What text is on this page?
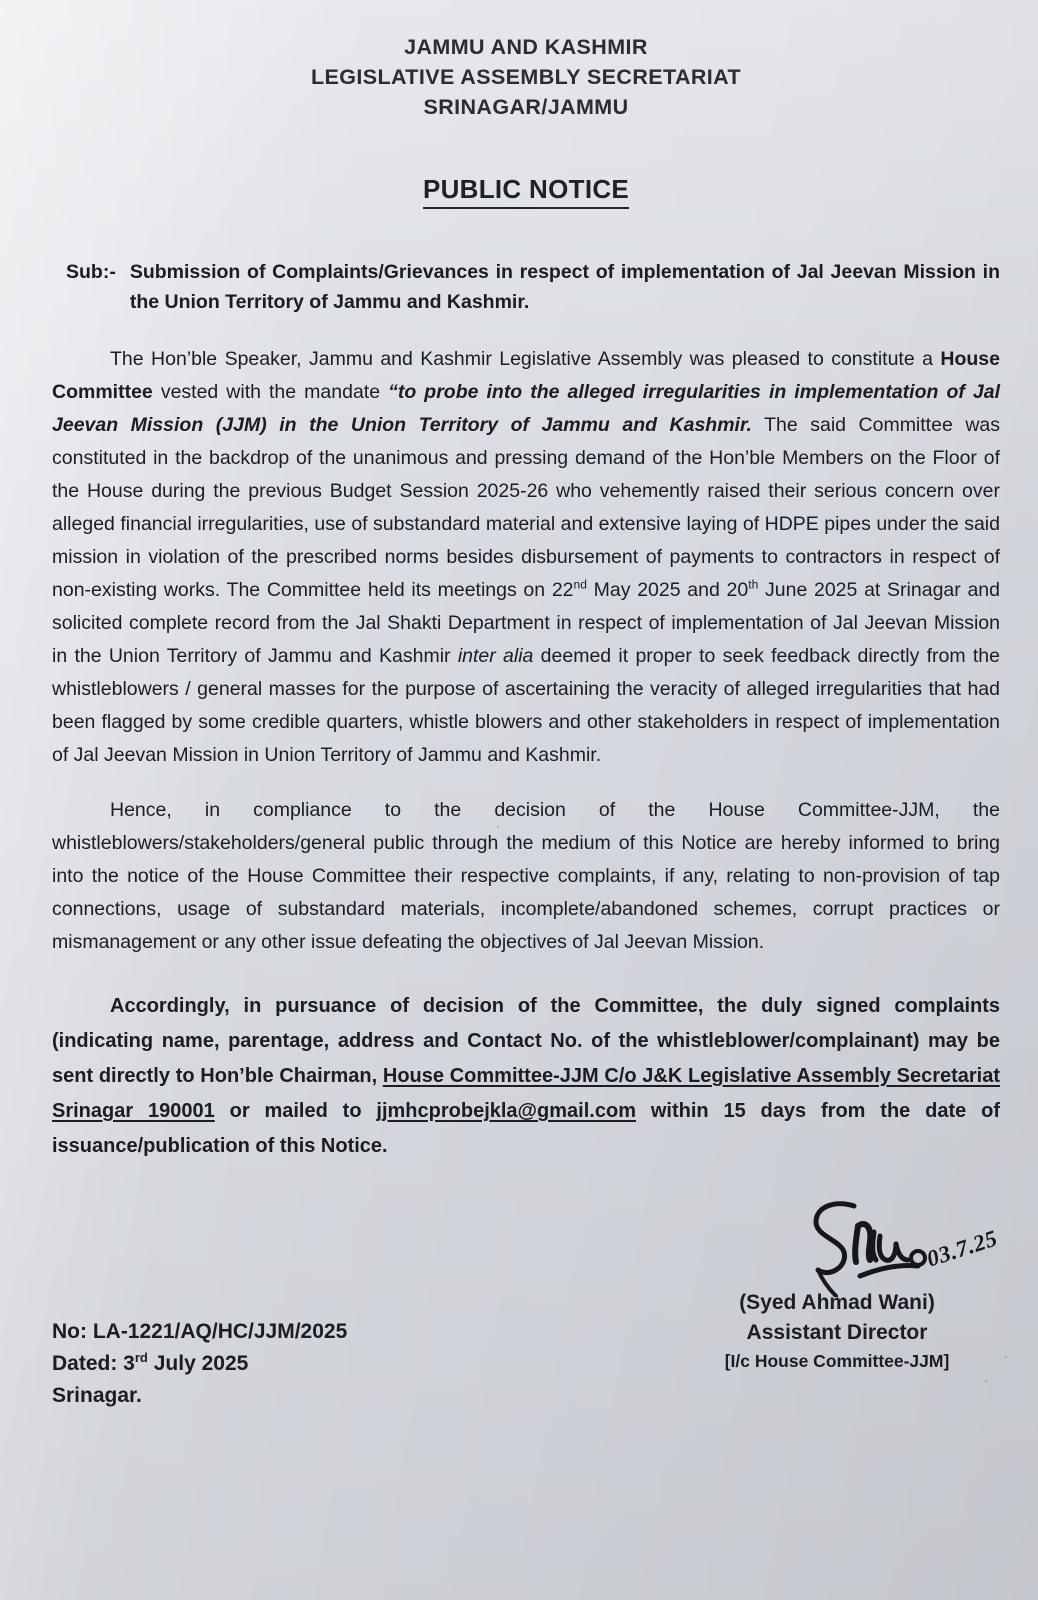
JAMMU AND KASHMIR
LEGISLATIVE ASSEMBLY SECRETARIAT
SRINAGAR/JAMMU
PUBLIC NOTICE
Sub:- Submission of Complaints/Grievances in respect of implementation of Jal Jeevan Mission in the Union Territory of Jammu and Kashmir.

The Hon’ble Speaker, Jammu and Kashmir Legislative Assembly was pleased to constitute a House Committee vested with the mandate “to probe into the alleged irregularities in implementation of Jal Jeevan Mission (JJM) in the Union Territory of Jammu and Kashmir. The said Committee was constituted in the backdrop of the unanimous and pressing demand of the Hon’ble Members on the Floor of the House during the previous Budget Session 2025-26 who vehemently raised their serious concern over alleged financial irregularities, use of substandard material and extensive laying of HDPE pipes under the said mission in violation of the prescribed norms besides disbursement of payments to contractors in respect of non-existing works. The Committee held its meetings on 22nd May 2025 and 20th June 2025 at Srinagar and solicited complete record from the Jal Shakti Department in respect of implementation of Jal Jeevan Mission in the Union Territory of Jammu and Kashmir inter alia deemed it proper to seek feedback directly from the whistleblowers / general masses for the purpose of ascertaining the veracity of alleged irregularities that had been flagged by some credible quarters, whistle blowers and other stakeholders in respect of implementation of Jal Jeevan Mission in Union Territory of Jammu and Kashmir.

Hence, in compliance to the decision of the House Committee-JJM, the whistleblowers/stakeholders/general public through the medium of this Notice are hereby informed to bring into the notice of the House Committee their respective complaints, if any, relating to non-provision of tap connections, usage of substandard materials, incomplete/abandoned schemes, corrupt practices or mismanagement or any other issue defeating the objectives of Jal Jeevan Mission.

Accordingly, in pursuance of decision of the Committee, the duly signed complaints (indicating name, parentage, address and Contact No. of the whistleblower/complainant) may be sent directly to Hon’ble Chairman, House Committee-JJM C/o J&K Legislative Assembly Secretariat Srinagar 190001 or mailed to jjmhcprobejkla@gmail.com within 15 days from the date of issuance/publication of this Notice.

03.7.25
(Syed Ahmad Wani)
Assistant Director
[I/c House Committee-JJM]
No: LA-1221/AQ/HC/JJM/2025
Dated: 3rd July 2025
Srinagar.
